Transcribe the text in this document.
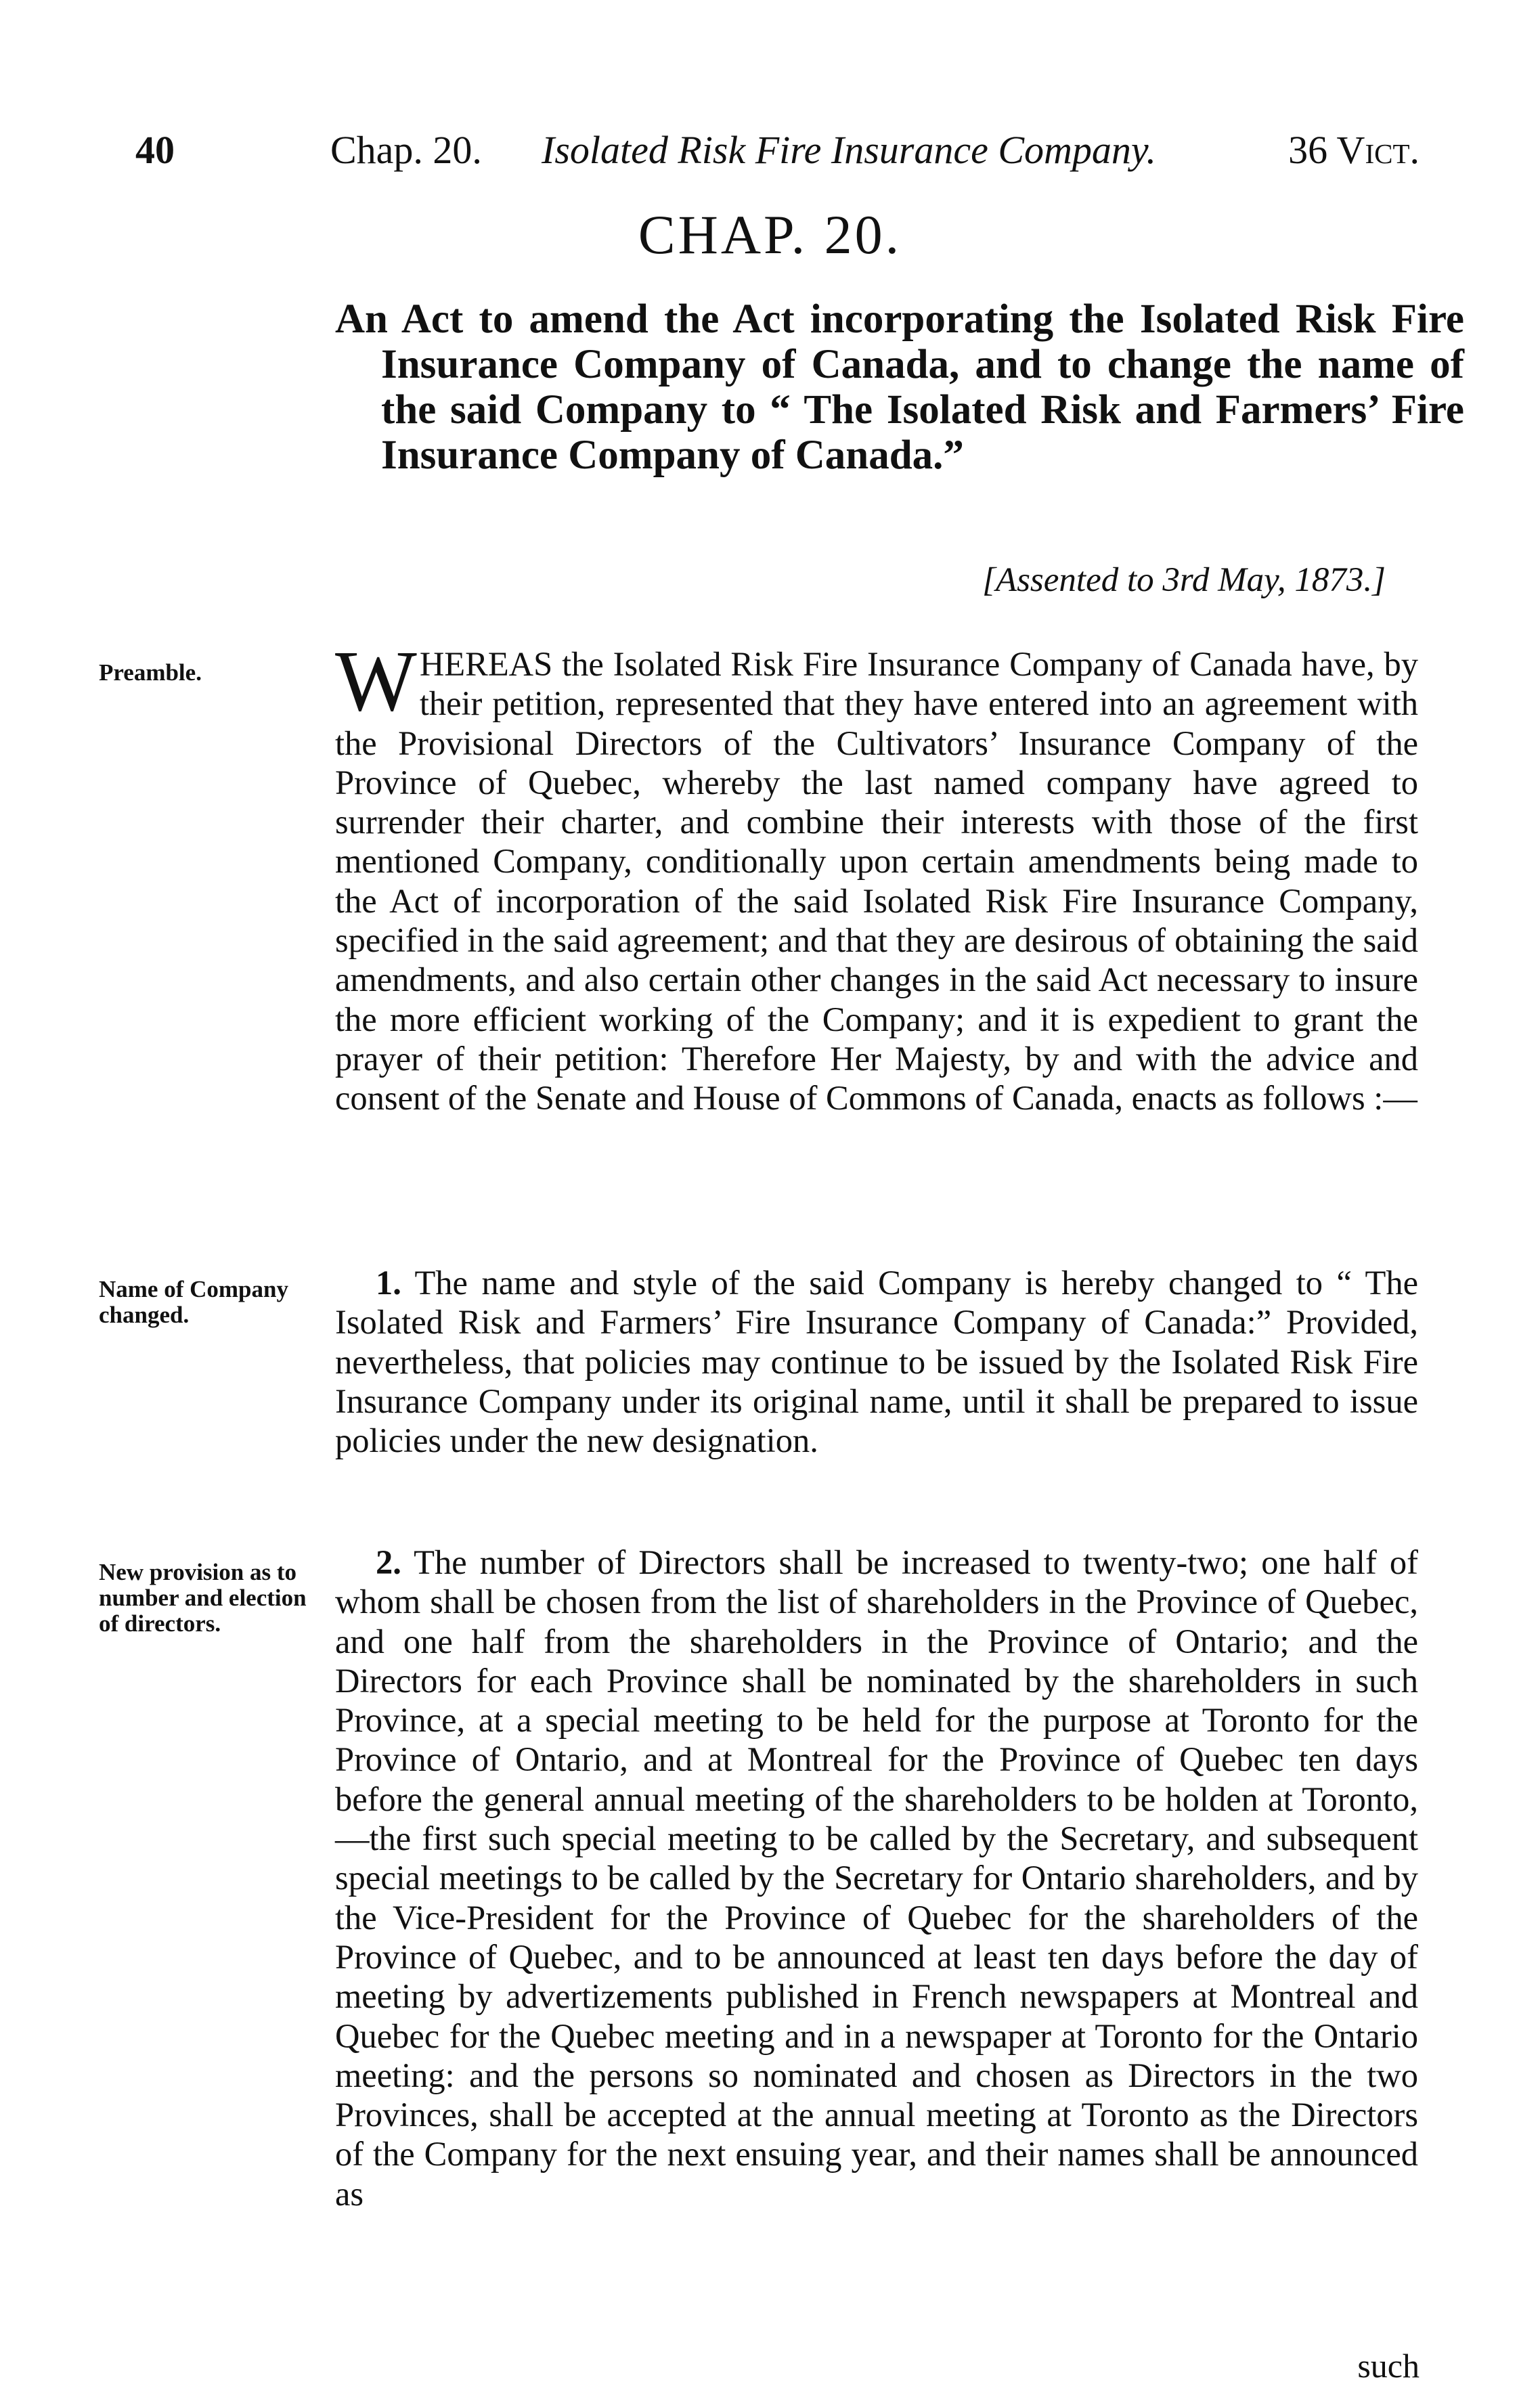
40	Chap. 20. Isolated Risk Fire Insurance Company.	36 Vict.
CHAP. 20.
An Act to amend the Act incorporating the Isolated Risk Fire Insurance Company of Canada, and to change the name of the said Company to “ The Isolated Risk and Farmers’ Fire Insurance Company of Canada.”
[Assented to 3rd May, 1873.]
Preamble.	WHEREAS the Isolated Risk Fire Insurance Company of Canada have, by their petition, represented that they have entered into an agreement with the Provisional Directors of the Cultivators’ Insurance Company of the Province of Quebec, whereby the last named company have agreed to surrender their charter, and combine their interests with those of the first mentioned Company, conditionally upon certain amendments being made to the Act of incorporation of the said Isolated Risk Fire Insurance Company, specified in the said agreement; and that they are desirous of obtaining the said amendments, and also certain other changes in the said Act necessary to insure the more efficient working of the Company; and it is expedient to grant the prayer of their petition: Therefore Her Majesty, by and with the advice and consent of the Senate and House of Commons of Canada, enacts as follows :—
Name of Company changed.
1. The name and style of the said Company is hereby changed to “ The Isolated Risk and Farmers’ Fire Insurance Company of Canada:” Provided, nevertheless, that policies may continue to be issued by the Isolated Risk Fire Insurance Company under its original name, until it shall be prepared to issue policies under the new designation.
New provision as to number and election of directors.
2. The number of Directors shall be increased to twenty-two; one half of whom shall be chosen from the list of shareholders in the Province of Quebec, and one half from the shareholders in the Province of Ontario; and the Directors for each Province shall be nominated by the shareholders in such Province, at a special meeting to be held for the purpose at Toronto for the Province of Ontario, and at Montreal for the Province of Quebec ten days before the general annual meeting of the shareholders to be holden at Toronto,—the first such special meeting to be called by the Secretary, and subsequent special meetings to be called by the Secretary for Ontario shareholders, and by the Vice-President for the Province of Quebec for the shareholders of the Province of Quebec, and to be announced at least ten days before the day of meeting by advertizements published in French newspapers at Montreal and Quebec for the Quebec meeting and in a newspaper at Toronto for the Ontario meeting: and the persons so nominated and chosen as Directors in the two Provinces, shall be accepted at the annual meeting at Toronto as the Directors of the Company for the next ensuing year, and their names shall be announced as
such
